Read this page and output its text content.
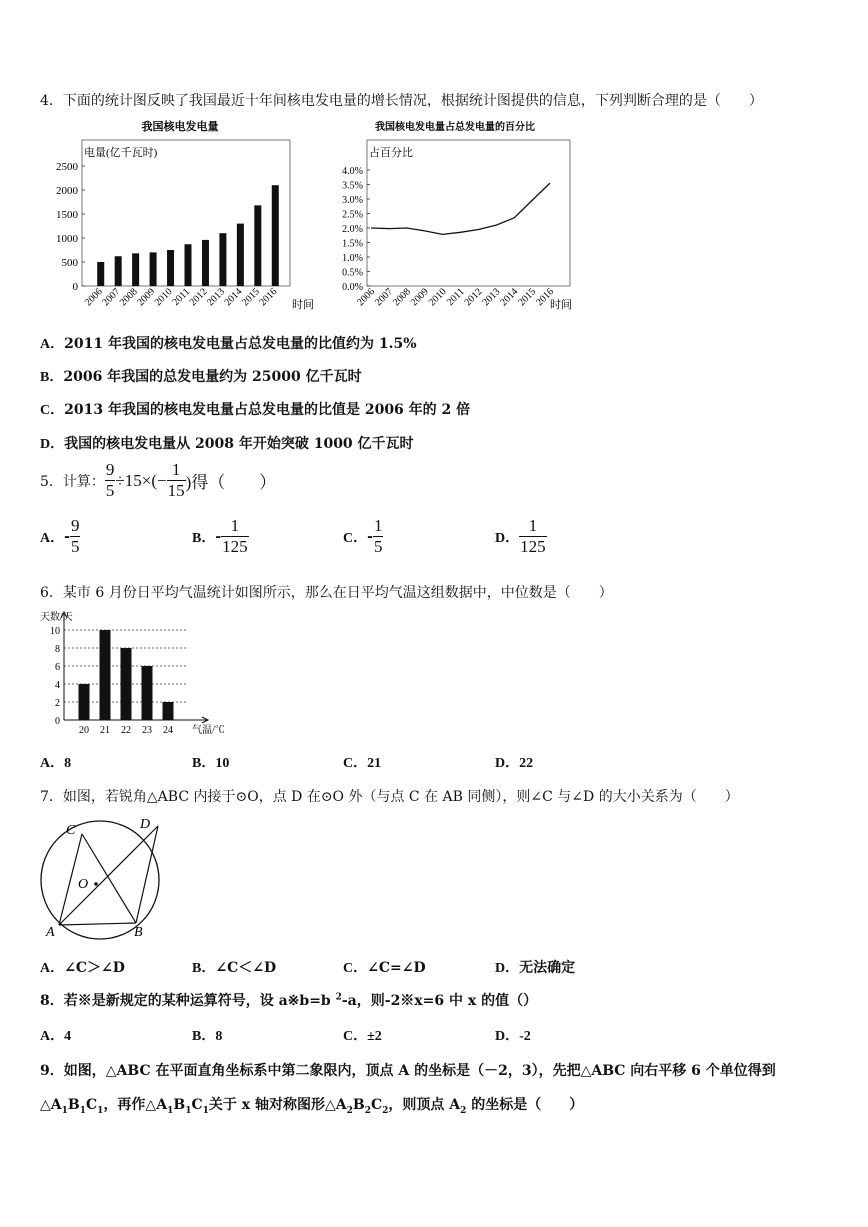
4．下面的统计图反映了我国最近十年间核电发电量的增长情况，根据统计图提供的信息，下列判断合理的是（　　）
我国核电发电量
电量(亿千瓦时)
0
500
1000
1500
2000
2500
2006
2007
2008
2009
2010
2011
2012
2013
2014
2015
2016 时间
我国核电发电量占总发电量的百分比
占百分比
0.0%
0.5%
1.0%
1.5%
2.0%
2.5%
3.0%
3.5%
4.0%
2006
2007
2008
2009
2010
2011
2012
2013
2014
2015
2016
时间
A．2011 年我国的核电发电量占总发电量的比值约为 1.5%
B．2006 年我国的总发电量约为 25000 亿千瓦时
C．2013 年我国的核电发电量占总发电量的比值是 2006 年的 2 倍
D．我国的核电发电量从 2008 年开始突破 1000 亿千瓦时
5．计算： $\frac{9}{5} \div 15\times(- \frac{1}{15}$ )得（　　）
A． - $\frac{9}{5}$	B． - $\frac{1}{125}$	C． - $\frac{1}{5}$	D． $\frac{1}{125}$
6．某市 6 月份日平均气温统计如图所示，那么在日平均气温这组数据中，中位数是（　　）
天数/天
0
2
4
6
8
10
20 21 22 23 24 气温/℃
A．8	B．10	C．21	D．22
7．如图，若锐角△ABC 内接于⊙O，点 D 在⊙O 外（与点 C 在 AB 同侧），则∠C 与∠D 的大小关系为（　　）
C	D
O
A	B
A．∠C＞∠D	B．∠C＜∠D	C．∠C=∠D	D．无法确定
8．若※是新规定的某种运算符号，设 a※b=b $^2$-a，则-2※x=6 中 x 的值（）
A．4	B．8	C．±2	D．-2
9．如图，△ABC 在平面直角坐标系中第二象限内，顶点 A 的坐标是（－2，3），先把△ABC 向右平移 6 个单位得到
$\triangle A_1B_1C_1$，再作$\triangle A_1B_1C_1$关于 x 轴对称图形$\triangle A_2B_2C_2$，则顶点 $A_2$ 的坐标是（　　）
